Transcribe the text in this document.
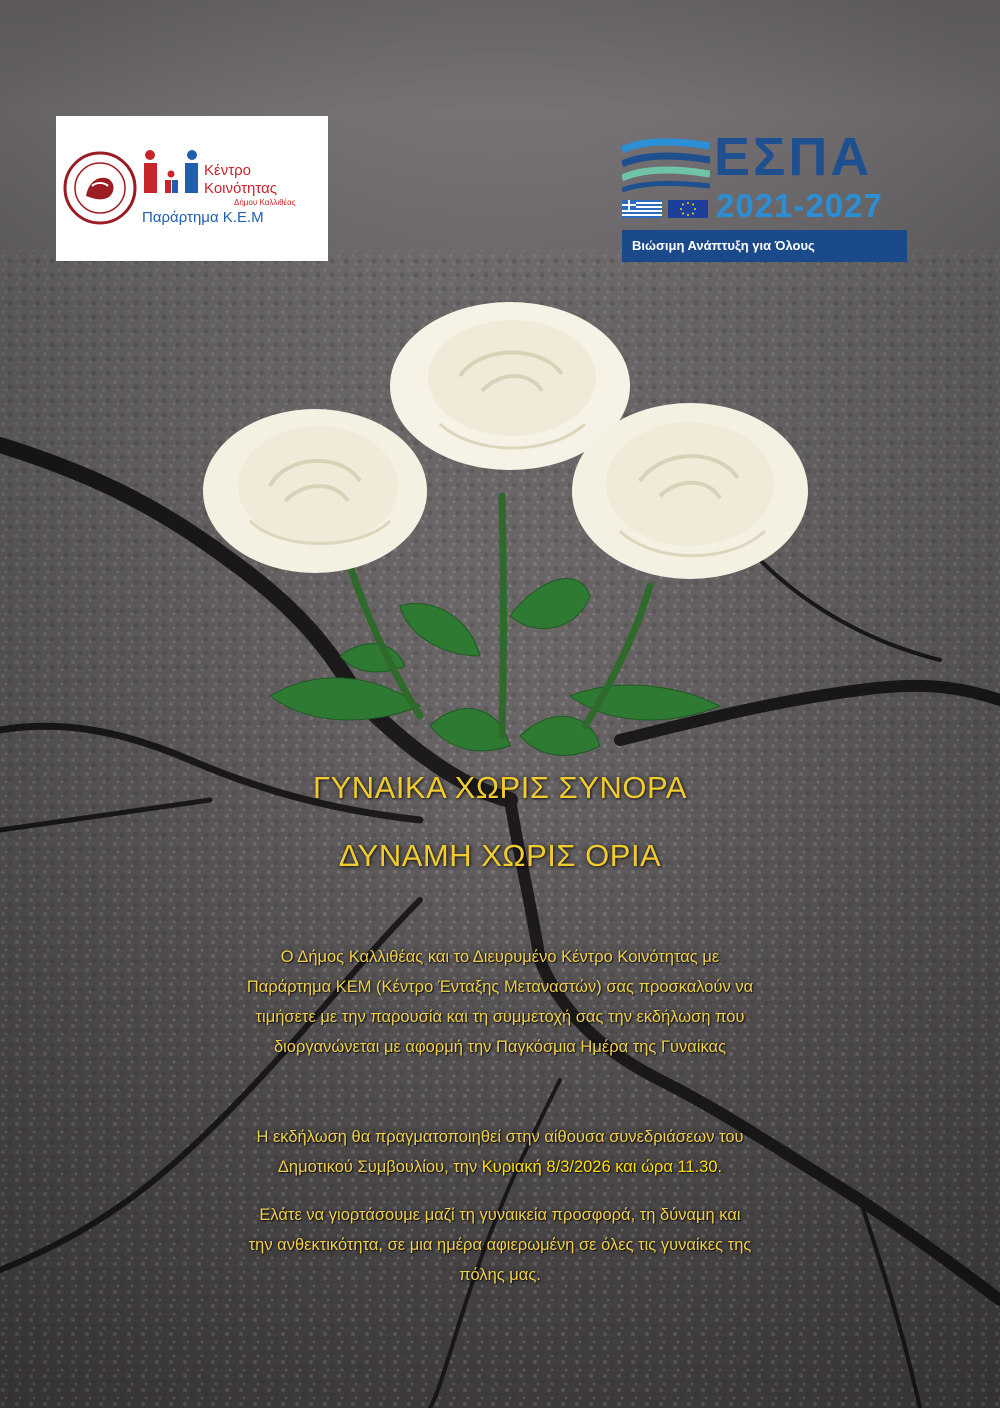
Κέντρο
Κοινότητας
Δήμου Καλλιθέας
Παράρτημα Κ.Ε.Μ
ΕΣΠΑ
2021-2027
Βιώσιμη Ανάπτυξη για Όλους
ΓΥΝΑΙΚΑ ΧΩΡΙΣ ΣΥΝΟΡΑ
ΔΥΝΑΜΗ ΧΩΡΙΣ ΟΡΙΑ
Ο Δήμος Καλλιθέας και το Διευρυμένο Κέντρο Κοινότητας με
Παράρτημα ΚΕΜ (Κέντρο Ένταξης Μεταναστών) σας προσκαλούν να
τιμήσετε με την παρουσία και τη συμμετοχή σας την εκδήλωση που
διοργανώνεται με αφορμή την Παγκόσμια Ημέρα της Γυναίκας
Η εκδήλωση θα πραγματοποιηθεί στην αίθουσα συνεδριάσεων του
Δημοτικού Συμβουλίου, την Κυριακή 8/3/2026 και ώρα 11.30.
Ελάτε να γιορτάσουμε μαζί τη γυναικεία προσφορά, τη δύναμη και
την ανθεκτικότητα, σε μια ημέρα αφιερωμένη σε όλες τις γυναίκες της
πόλης μας.
